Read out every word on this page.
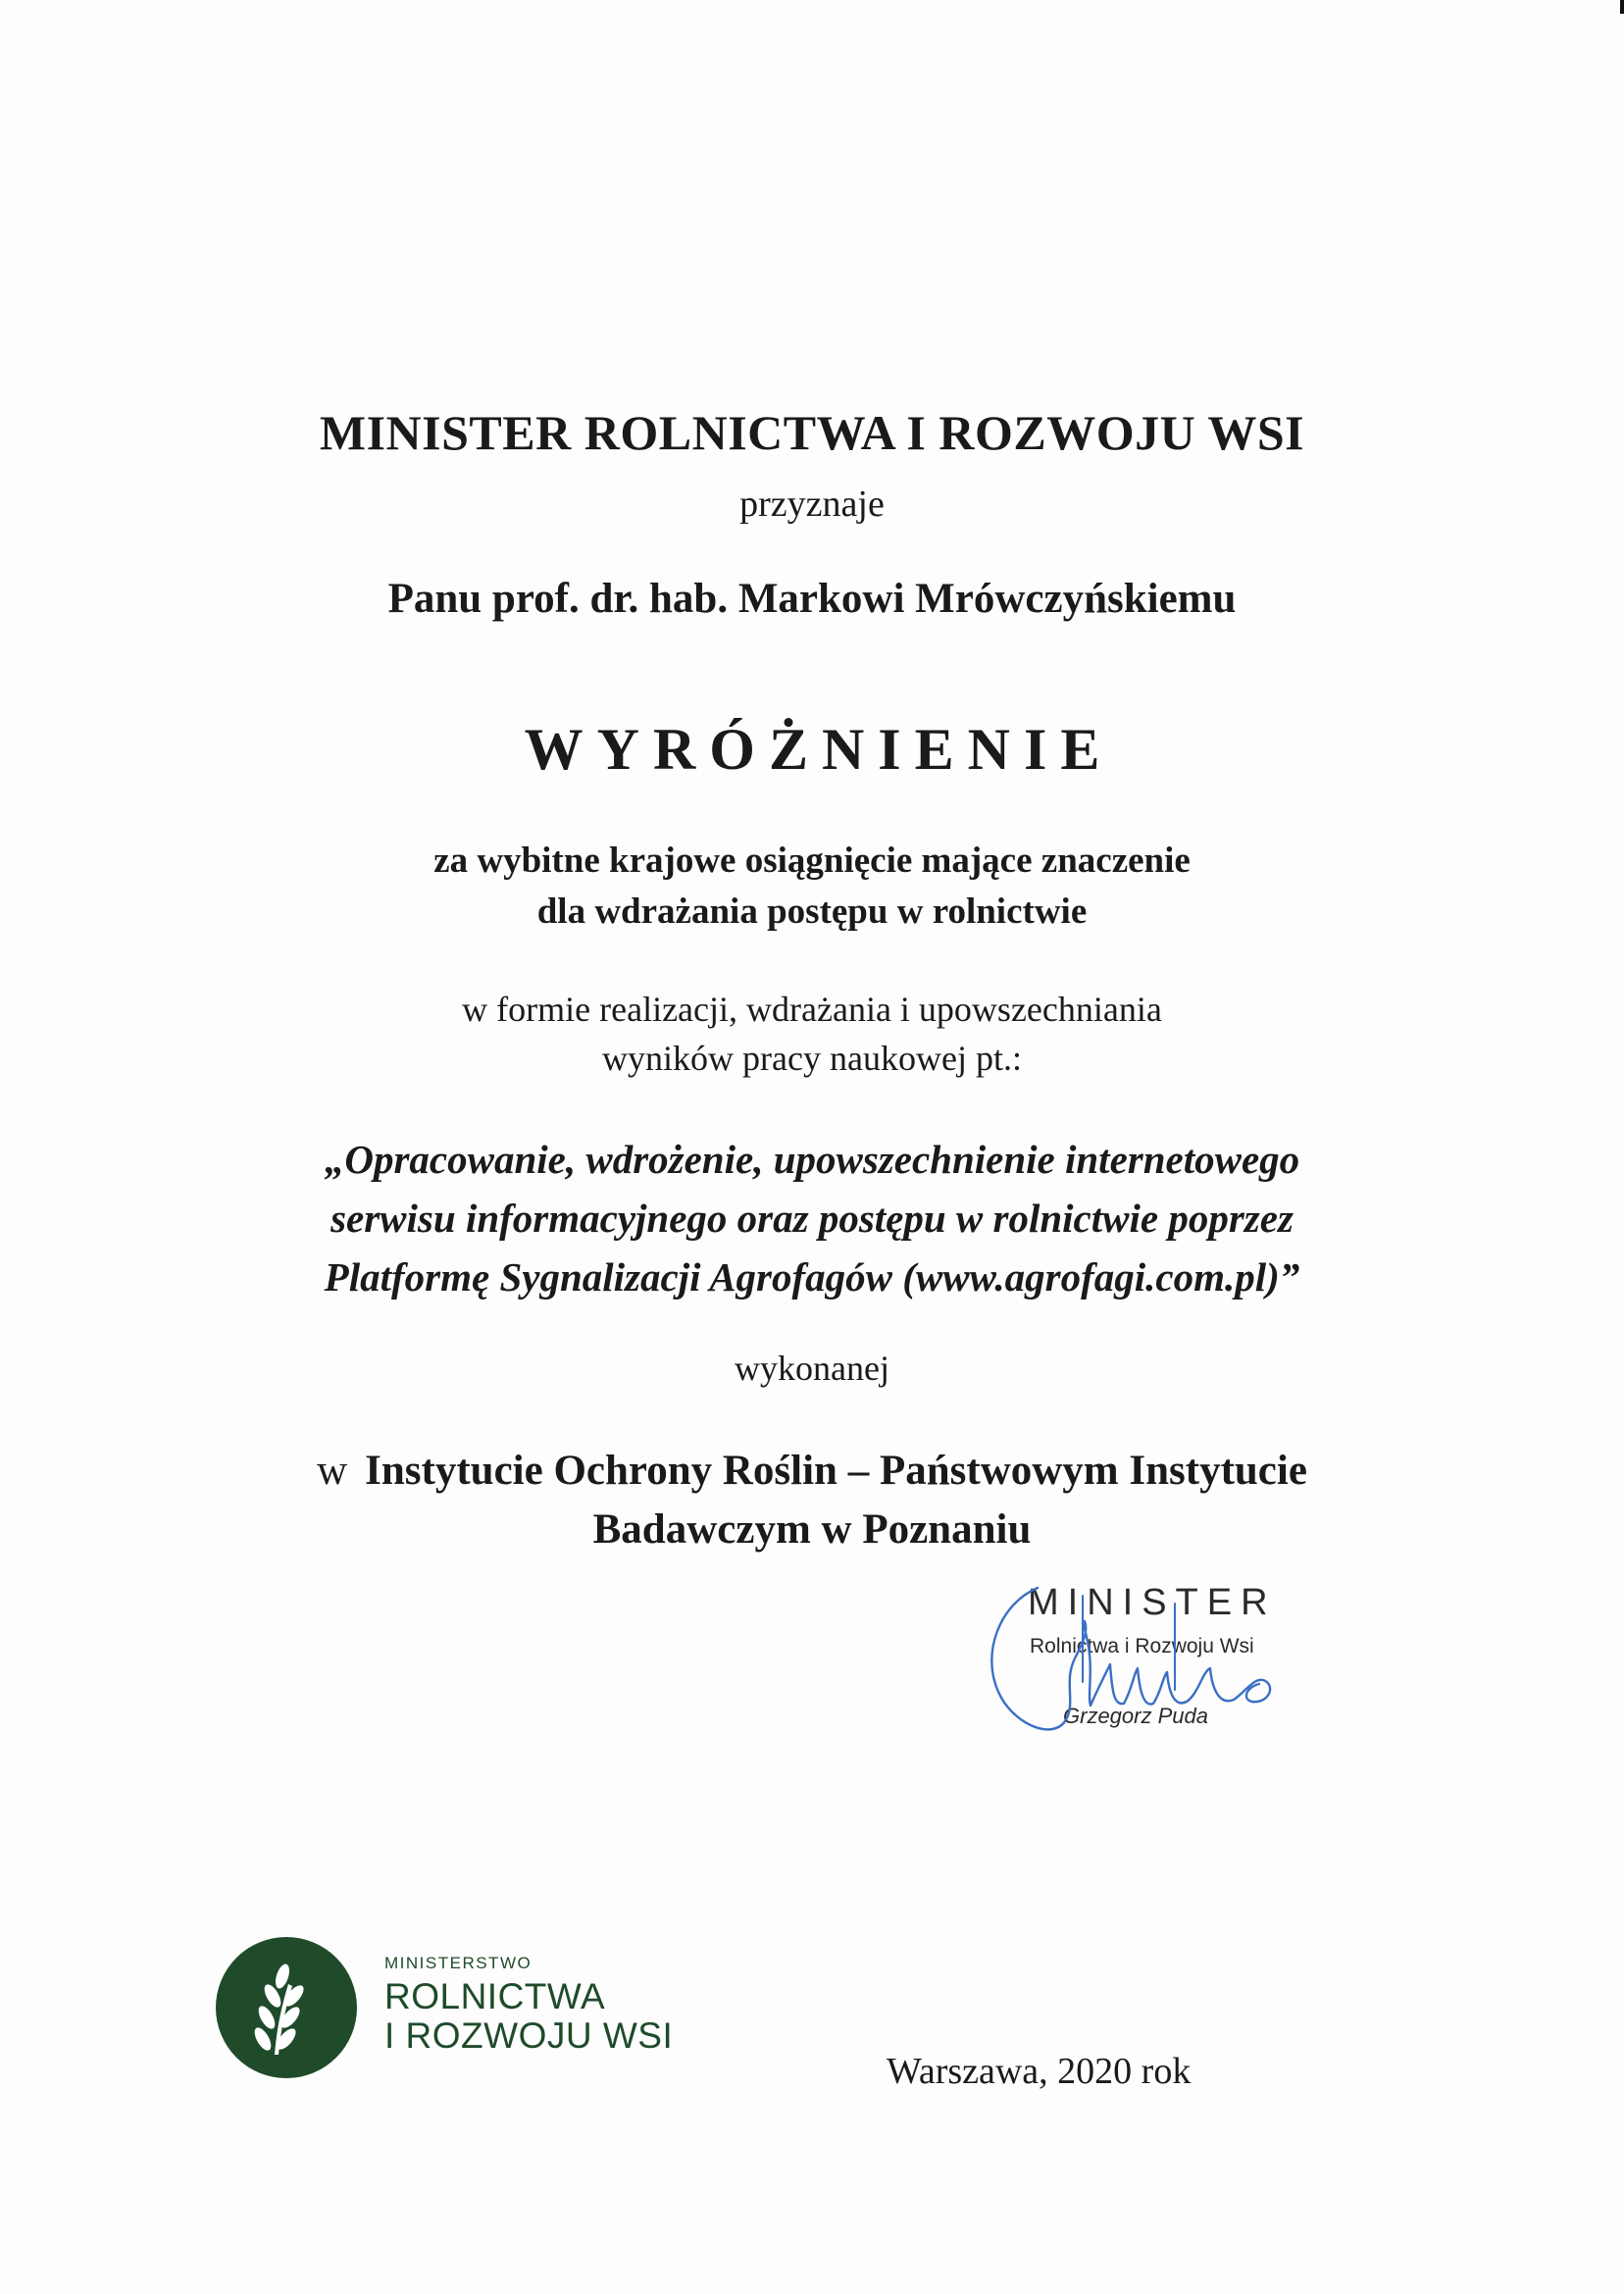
MINISTER ROLNICTWA I ROZWOJU WSI
przyznaje
Panu prof. dr. hab. Markowi Mrówczyńskiemu
WYRÓŻNIENIE
za wybitne krajowe osiągnięcie mające znaczenie
dla wdrażania postępu w rolnictwie
w formie realizacji, wdrażania i upowszechniania
wyników pracy naukowej pt.:
„Opracowanie, wdrożenie, upowszechnienie internetowego
serwisu informacyjnego oraz postępu w rolnictwie poprzez
Platformę Sygnalizacji Agrofagów (www.agrofagi.com.pl)”
wykonanej
w Instytucie Ochrony Roślin – Państwowym Instytucie
Badawczym w Poznaniu
MINISTER
Rolnictwa i Rozwoju Wsi
Grzegorz Puda
MINISTERSTWO
ROLNICTWA
I ROZWOJU WSI
Warszawa, 2020 rok
